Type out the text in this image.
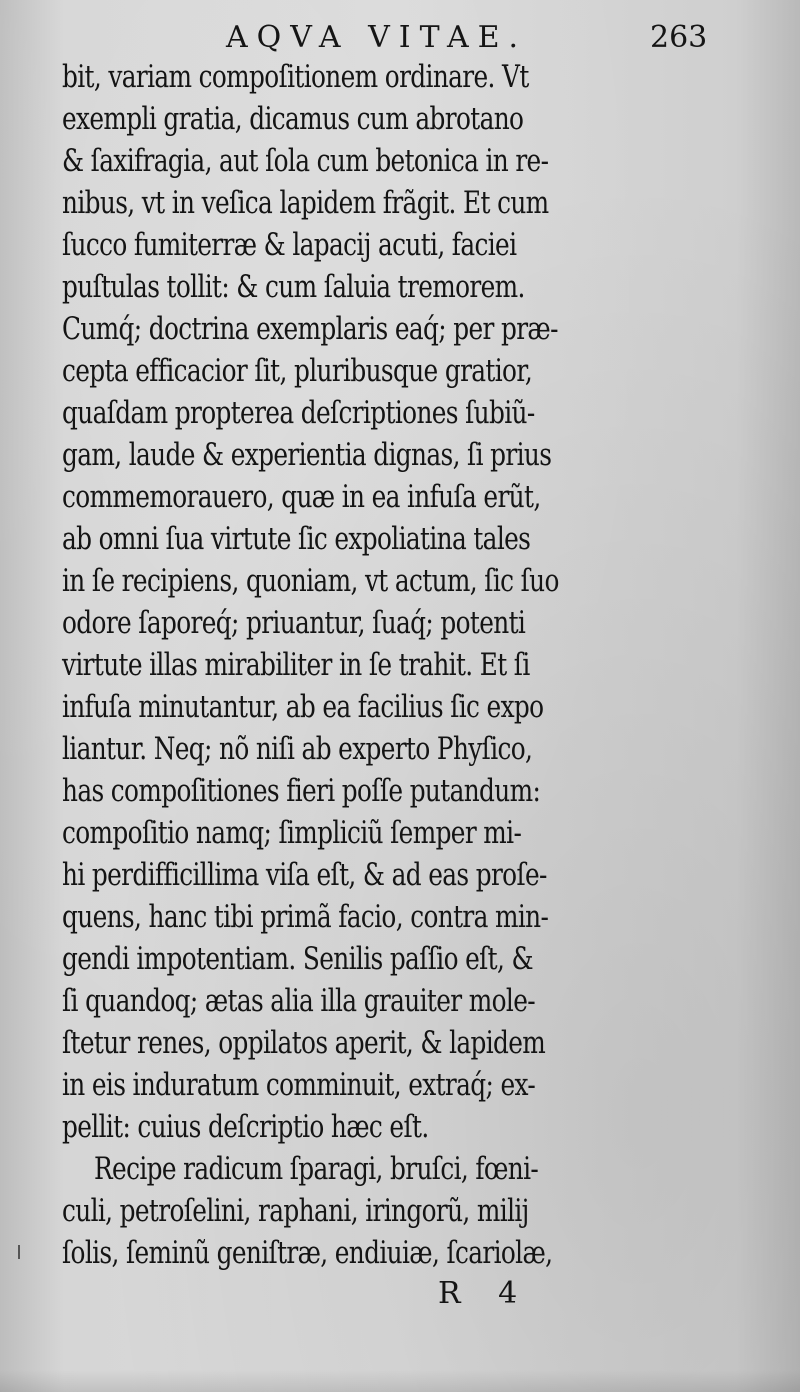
AQVA VITAE.	263
bit, variam compoſitionem ordinare. Vt
exempli gratia, dicamus cum abrotano
& ſaxifragia, aut ſola cum betonica in re-
nibus, vt in veſica lapidem frãgit. Et cum
ſucco fumiterræ & lapacij acuti, faciei
puſtulas tollit: & cum ſaluia tremorem.
Cumq́; doctrina exemplaris eaq́; per præ-
cepta efficacior ſit, pluribusque gratior,
quaſdam propterea deſcriptiones ſubiũ-
gam, laude & experientia dignas, ſi prius
commemorauero, quæ in ea infuſa erũt,
ab omni ſua virtute ſic expoliatina tales
in ſe recipiens, quoniam, vt actum, ſic ſuo
odore ſaporeq́; priuantur, ſuaq́; potenti
virtute illas mirabiliter in ſe trahit. Et ſi
infuſa minutantur, ab ea facilius ſic expo
liantur. Neq; nõ niſi ab experto Phyſico,
has compoſitiones fieri poſſe putandum:
compoſitio namq; ſimpliciũ ſemper mi-
hi perdifficillima viſa eſt, & ad eas proſe-
quens, hanc tibi primã facio, contra min-
gendi impotentiam. Senilis paſſio eſt, &
ſi quandoq; ætas alia illa grauiter mole-
ſtetur renes, oppilatos aperit, & lapidem
in eis induratum comminuit, extraq́; ex-
pellit: cuius deſcriptio hæc eſt.
Recipe radicum ſparagi, bruſci, fœni-
culi, petroſelini, raphani, iringorũ, milij
ſolis, ſeminũ geniſtræ, endiuiæ, ſcariolæ,
R 4
